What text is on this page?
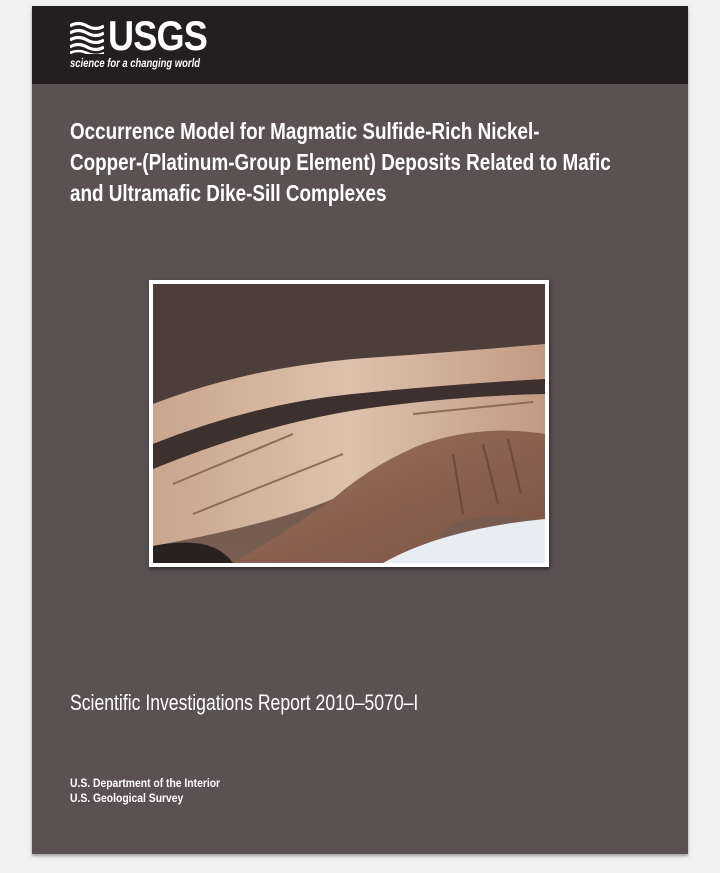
USGS
science for a changing world
Occurrence Model for Magmatic Sulfide-Rich Nickel-
Copper-(Platinum-Group Element) Deposits Related to Mafic
and Ultramafic Dike-Sill Complexes
Scientific Investigations Report 2010–5070–I
U.S. Department of the Interior
U.S. Geological Survey
